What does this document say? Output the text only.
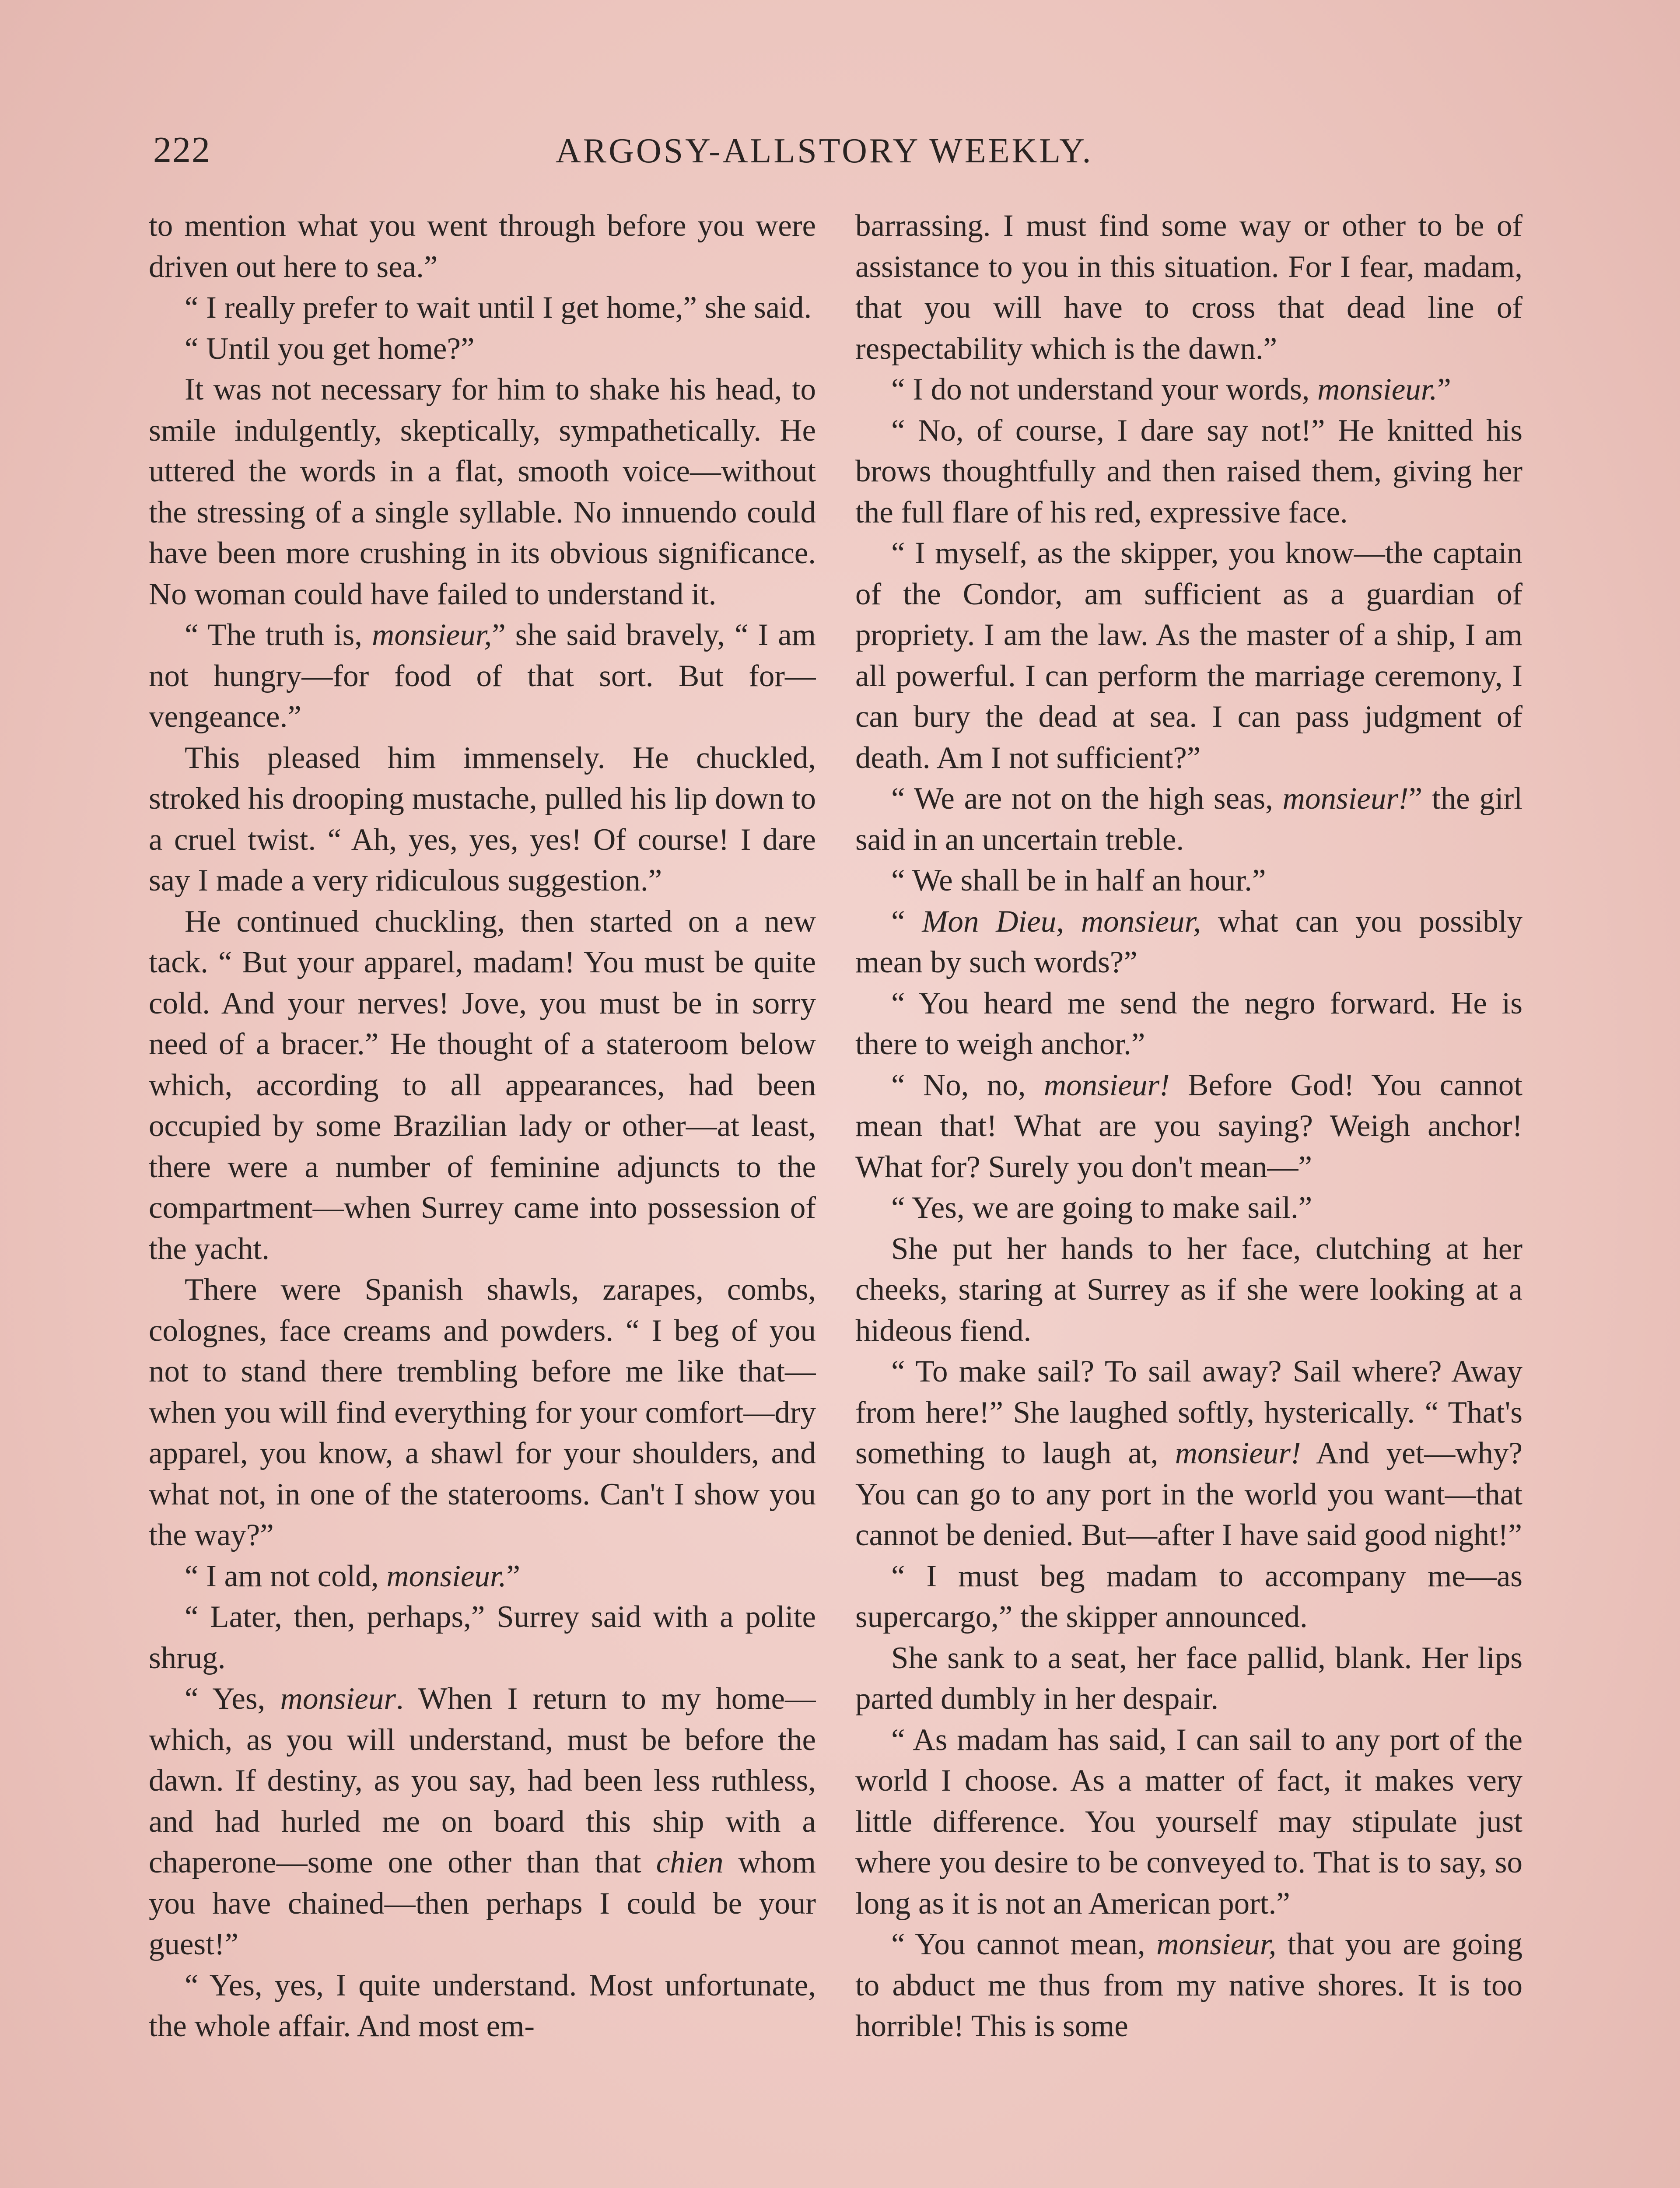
222	ARGOSY-ALLSTORY WEEKLY.

to mention what you went through before you were driven out here to sea.”

“ I really prefer to wait until I get home,” she said.

“ Until you get home?”

It was not necessary for him to shake his head, to smile indulgently, skeptically, sympathetically. He uttered the words in a flat, smooth voice—without the stressing of a single syllable. No innuendo could have been more crushing in its obvious significance. No woman could have failed to understand it.

“ The truth is, monsieur,” she said bravely, “ I am not hungry—for food of that sort. But for—vengeance.”

This pleased him immensely. He chuckled, stroked his drooping mustache, pulled his lip down to a cruel twist. “ Ah, yes, yes, yes! Of course! I dare say I made a very ridiculous suggestion.”

He continued chuckling, then started on a new tack. “ But your apparel, madam! You must be quite cold. And your nerves! Jove, you must be in sorry need of a bracer.” He thought of a stateroom below which, according to all appearances, had been occupied by some Brazilian lady or other—at least, there were a number of feminine adjuncts to the compartment—when Surrey came into possession of the yacht.

There were Spanish shawls, zarapes, combs, colognes, face creams and powders. “ I beg of you not to stand there trembling before me like that—when you will find everything for your comfort—dry apparel, you know, a shawl for your shoulders, and what not, in one of the staterooms. Can't I show you the way?”

“ I am not cold, monsieur.”

“ Later, then, perhaps,” Surrey said with a polite shrug.

“ Yes, monsieur. When I return to my home—which, as you will understand, must be before the dawn. If destiny, as you say, had been less ruthless, and had hurled me on board this ship with a chaperone—some one other than that chien whom you have chained—then perhaps I could be your guest!”

“ Yes, yes, I quite understand. Most unfortunate, the whole affair. And most em-

barrassing. I must find some way or other to be of assistance to you in this situation. For I fear, madam, that you will have to cross that dead line of respectability which is the dawn.”

“ I do not understand your words, monsieur.”

“ No, of course, I dare say not!” He knitted his brows thoughtfully and then raised them, giving her the full flare of his red, expressive face.

“ I myself, as the skipper, you know—the captain of the Condor, am sufficient as a guardian of propriety. I am the law. As the master of a ship, I am all powerful. I can perform the marriage ceremony, I can bury the dead at sea. I can pass judgment of death. Am I not sufficient?”

“ We are not on the high seas, monsieur!” the girl said in an uncertain treble.

“ We shall be in half an hour.”

“ Mon Dieu, monsieur, what can you possibly mean by such words?”

“ You heard me send the negro forward. He is there to weigh anchor.”

“ No, no, monsieur! Before God! You cannot mean that! What are you saying? Weigh anchor! What for? Surely you don't mean—”

“ Yes, we are going to make sail.”

She put her hands to her face, clutching at her cheeks, staring at Surrey as if she were looking at a hideous fiend.

“ To make sail? To sail away? Sail where? Away from here!” She laughed softly, hysterically. “ That's something to laugh at, monsieur! And yet—why? You can go to any port in the world you want—that cannot be denied. But—after I have said good night!”

“ I must beg madam to accompany me—as supercargo,” the skipper announced.

She sank to a seat, her face pallid, blank. Her lips parted dumbly in her despair.

“ As madam has said, I can sail to any port of the world I choose. As a matter of fact, it makes very little difference. You yourself may stipulate just where you desire to be conveyed to. That is to say, so long as it is not an American port.”

“ You cannot mean, monsieur, that you are going to abduct me thus from my native shores. It is too horrible! This is some
